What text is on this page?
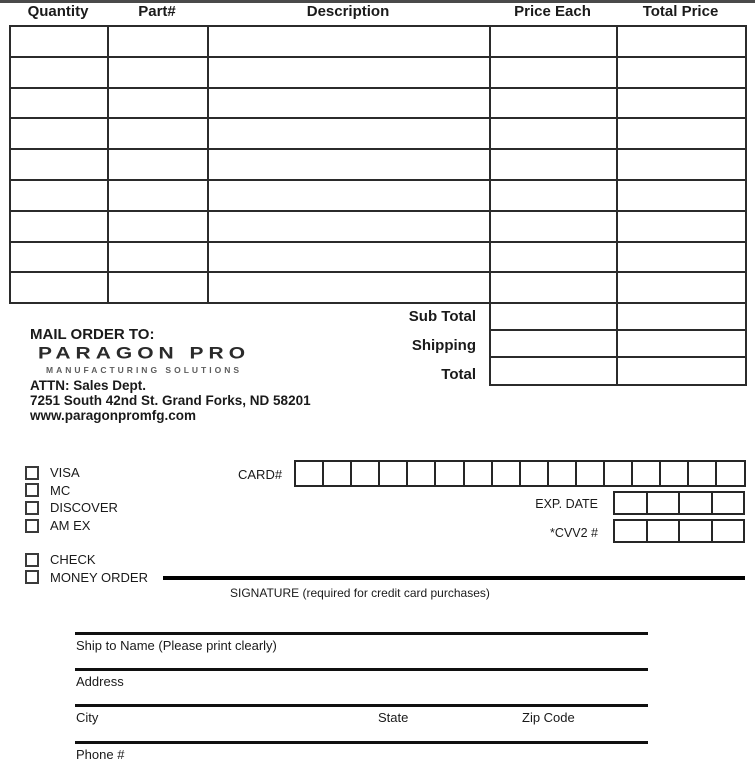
Quantity	Part#	Description	Price Each	Total Price

Sub Total
Shipping
Total

MAIL ORDER TO:
PARAGON PRO
MANUFACTURING SOLUTIONS
ATTN: Sales Dept.
7251 South 42nd St. Grand Forks, ND 58201
www.paragonpromfg.com
VISA
MC
DISCOVER
AM EX
CHECK
MONEY ORDER
CARD#
EXP. DATE
*CVV2 #
SIGNATURE (required for credit card purchases)
Ship to Name (Please print clearly)
Address
City	State	Zip Code
Phone #
